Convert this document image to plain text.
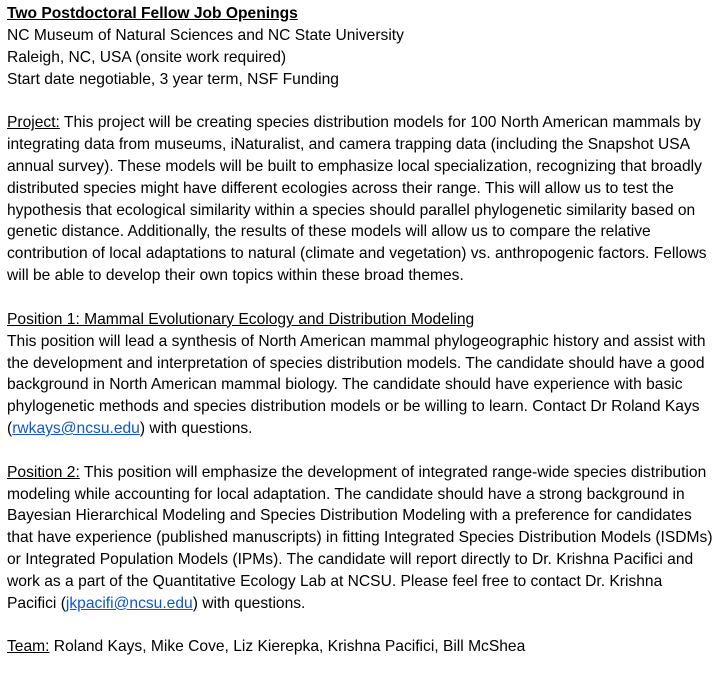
Two Postdoctoral Fellow Job Openings
NC Museum of Natural Sciences and NC State University
Raleigh, NC, USA (onsite work required)
Start date negotiable, 3 year term, NSF Funding
Project: This project will be creating species distribution models for 100 North American mammals by integrating data from museums, iNaturalist, and camera trapping data (including the Snapshot USA annual survey). These models will be built to emphasize local specialization, recognizing that broadly distributed species might have different ecologies across their range. This will allow us to test the hypothesis that ecological similarity within a species should parallel phylogenetic similarity based on genetic distance. Additionally, the results of these models will allow us to compare the relative contribution of local adaptations to natural (climate and vegetation) vs. anthropogenic factors. Fellows will be able to develop their own topics within these broad themes.
Position 1: Mammal Evolutionary Ecology and Distribution Modeling
This position will lead a synthesis of North American mammal phylogeographic history and assist with the development and interpretation of species distribution models. The candidate should have a good background in North American mammal biology. The candidate should have experience with basic phylogenetic methods and species distribution models or be willing to learn. Contact Dr Roland Kays (rwkays@ncsu.edu) with questions.
Position 2: This position will emphasize the development of integrated range-wide species distribution modeling while accounting for local adaptation. The candidate should have a strong background in Bayesian Hierarchical Modeling and Species Distribution Modeling with a preference for candidates that have experience (published manuscripts) in fitting Integrated Species Distribution Models (ISDMs) or Integrated Population Models (IPMs). The candidate will report directly to Dr. Krishna Pacifici and work as a part of the Quantitative Ecology Lab at NCSU. Please feel free to contact Dr. Krishna Pacifici (jkpacifi@ncsu.edu) with questions.
Team: Roland Kays, Mike Cove, Liz Kierepka, Krishna Pacifici, Bill McShea
